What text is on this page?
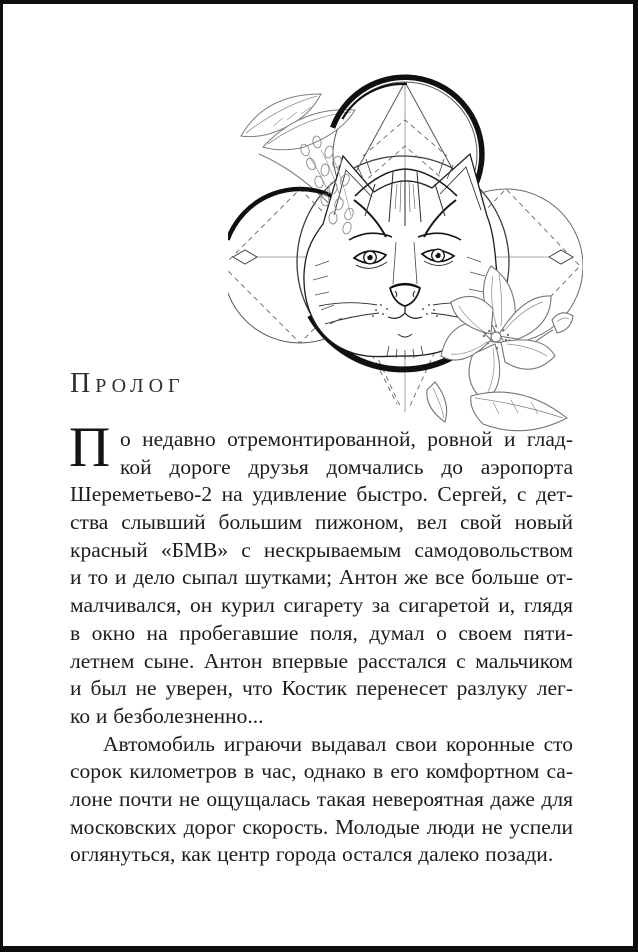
Пролог
П о недавно отремонтированной, ровной и глад-
кой дороге друзья домчались до аэропорта
Шереметьево-2 на удивление быстро. Сергей, с дет-
ства слывший большим пижоном, вел свой новый
красный «БМВ» с нескрываемым самодовольством
и то и дело сыпал шутками; Антон же все больше от-
малчивался, он курил сигарету за сигаретой и, глядя
в окно на пробегавшие поля, думал о своем пяти-
летнем сыне. Антон впервые расстался с мальчиком
и был не уверен, что Костик перенесет разлуку лег-
ко и безболезненно...
Автомобиль играючи выдавал свои коронные сто
сорок километров в час, однако в его комфортном са-
лоне почти не ощущалась такая невероятная даже для
московских дорог скорость. Молодые люди не успели
оглянуться, как центр города остался далеко позади.
